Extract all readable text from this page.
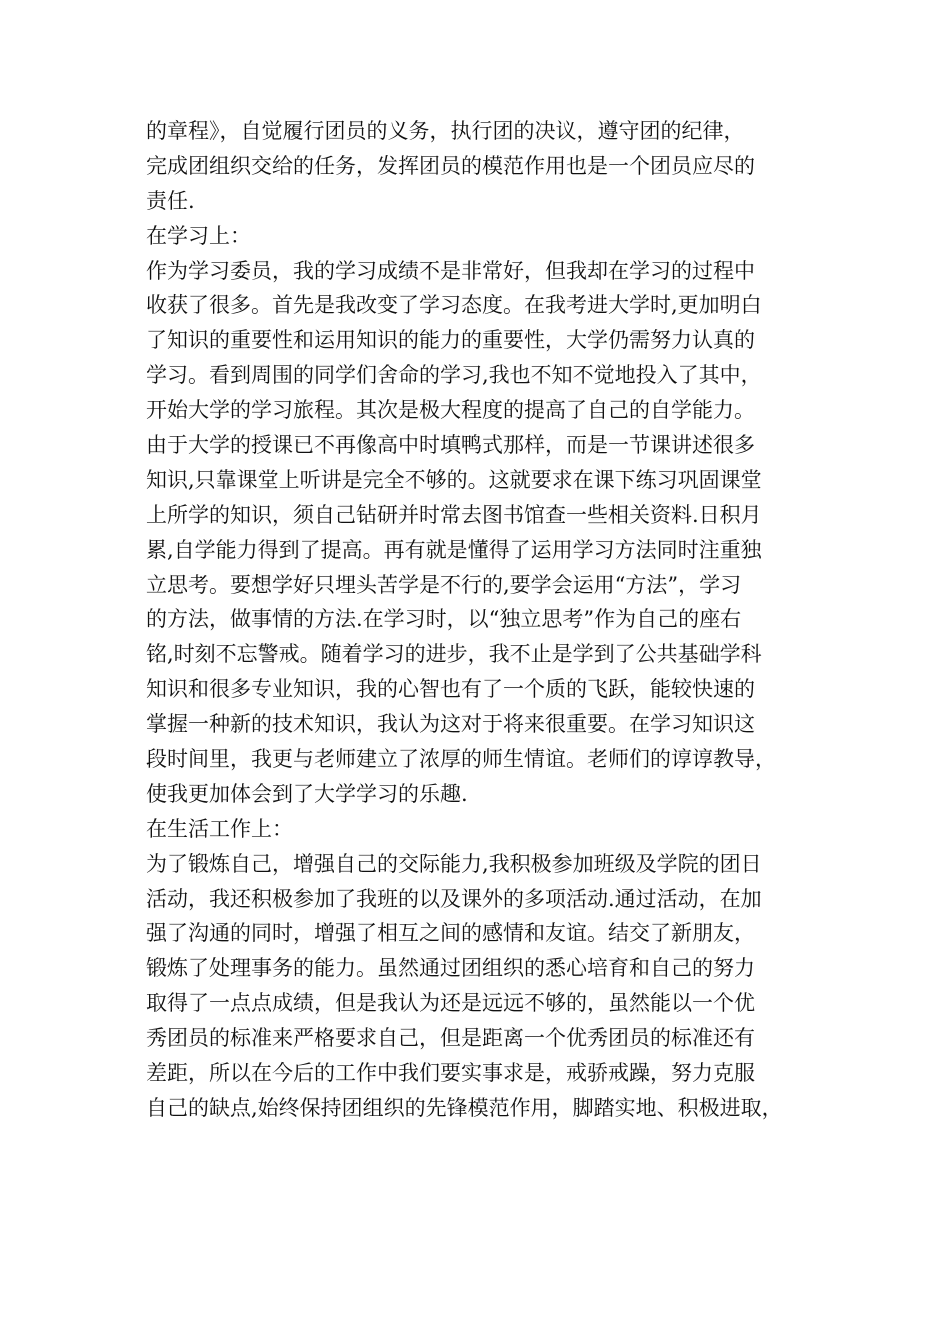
的章程》，自觉履行团员的义务，执行团的决议，遵守团的纪律，
完成团组织交给的任务，发挥团员的模范作用也是一个团员应尽的
责任.
在学习上：
作为学习委员，我的学习成绩不是非常好，但我却在学习的过程中
收获了很多。首先是我改变了学习态度。在我考进大学时,更加明白
了知识的重要性和运用知识的能力的重要性，大学仍需努力认真的
学习。看到周围的同学们舍命的学习,我也不知不觉地投入了其中，
开始大学的学习旅程。其次是极大程度的提高了自己的自学能力。
由于大学的授课已不再像高中时填鸭式那样，而是一节课讲述很多
知识,只靠课堂上听讲是完全不够的。这就要求在课下练习巩固课堂
上所学的知识，须自己钻研并时常去图书馆查一些相关资料.日积月
累,自学能力得到了提高。再有就是懂得了运用学习方法同时注重独
立思考。要想学好只埋头苦学是不行的,要学会运用“方法”，学习
的方法，做事情的方法.在学习时，以“独立思考”作为自己的座右
铭,时刻不忘警戒。随着学习的进步，我不止是学到了公共基础学科
知识和很多专业知识，我的心智也有了一个质的飞跃，能较快速的
掌握一种新的技术知识，我认为这对于将来很重要。在学习知识这
段时间里，我更与老师建立了浓厚的师生情谊。老师们的谆谆教导，
使我更加体会到了大学学习的乐趣.
在生活工作上：
为了锻炼自己，增强自己的交际能力,我积极参加班级及学院的团日
活动，我还积极参加了我班的以及课外的多项活动.通过活动，在加
强了沟通的同时，增强了相互之间的感情和友谊。结交了新朋友，
锻炼了处理事务的能力。虽然通过团组织的悉心培育和自己的努力
取得了一点点成绩，但是我认为还是远远不够的，虽然能以一个优
秀团员的标准来严格要求自己，但是距离一个优秀团员的标准还有
差距，所以在今后的工作中我们要实事求是，戒骄戒躁，努力克服
自己的缺点,始终保持团组织的先锋模范作用，脚踏实地、积极进取，
